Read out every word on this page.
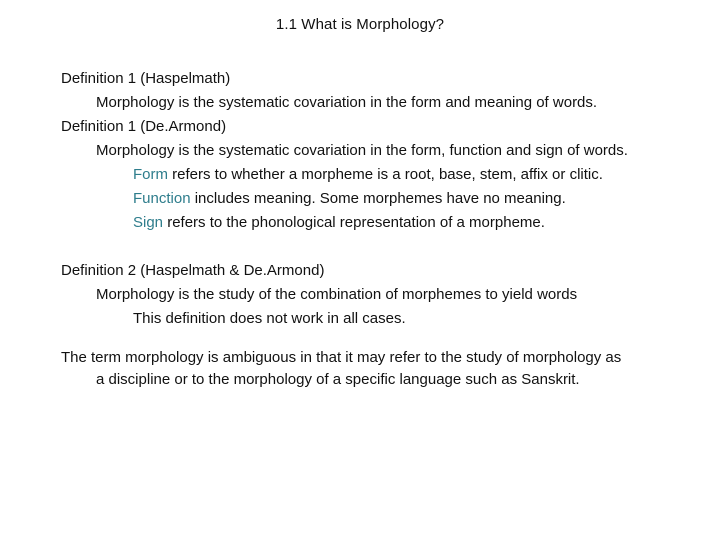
1.1 What is Morphology?
Definition 1 (Haspelmath)
Morphology is the systematic covariation in the form and meaning of words.
Definition 1 (De.Armond)
Morphology is the systematic covariation in the form, function and sign of words.
Form refers to whether a morpheme is a root, base, stem, affix or clitic.
Function includes meaning. Some morphemes have no meaning.
Sign refers to the phonological representation of a morpheme.
Definition 2 (Haspelmath & De.Armond)
Morphology is the study of the combination of morphemes to yield words
This definition does not work in all cases.
The term morphology is ambiguous in that it may refer to the study of morphology as
a discipline or to the morphology of a specific language such as Sanskrit.
